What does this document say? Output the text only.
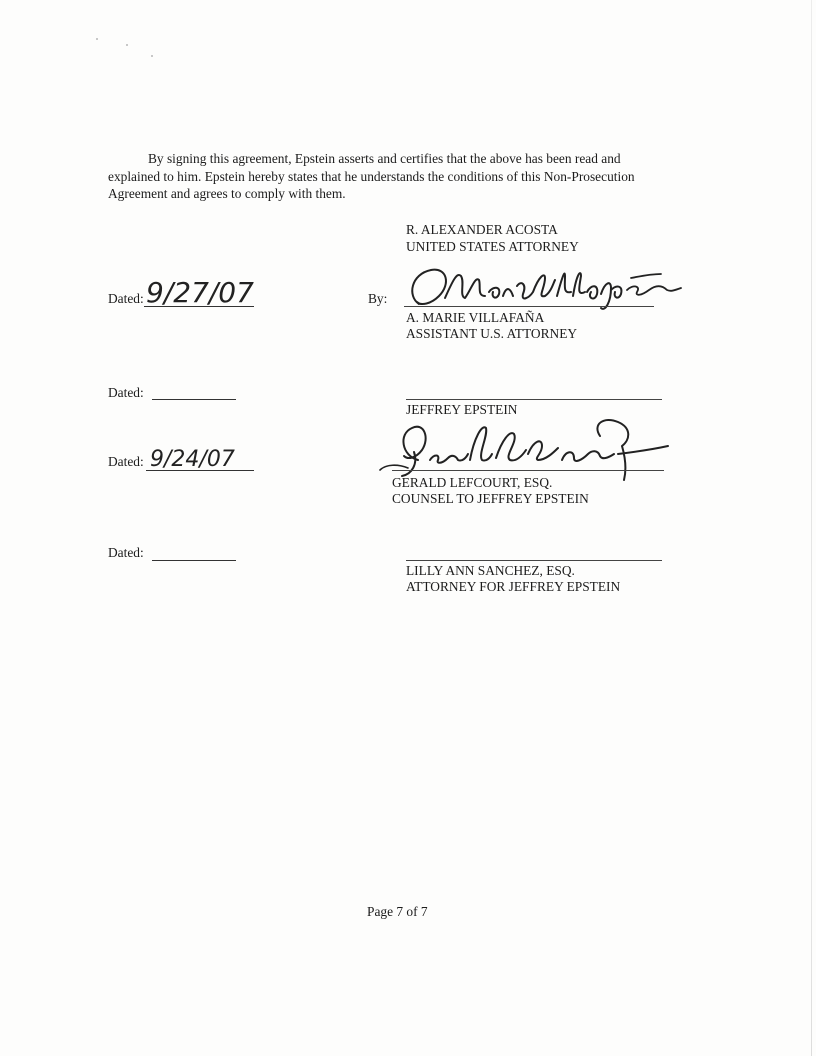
By signing this agreement, Epstein asserts and certifies that the above has been read and explained to him. Epstein hereby states that he understands the conditions of this Non-Prosecution Agreement and agrees to comply with them.

R. ALEXANDER ACOSTA

UNITED STATES ATTORNEY

Dated: 9/27/07	By:

A. MARIE VILLAFAÑA

ASSISTANT U.S. ATTORNEY

Dated:

JEFFREY EPSTEIN

Dated: 9/24/07

GERALD LEFCOURT, ESQ.

COUNSEL TO JEFFREY EPSTEIN

Dated:

LILLY ANN SANCHEZ, ESQ.

ATTORNEY FOR JEFFREY EPSTEIN

Page 7 of 7
